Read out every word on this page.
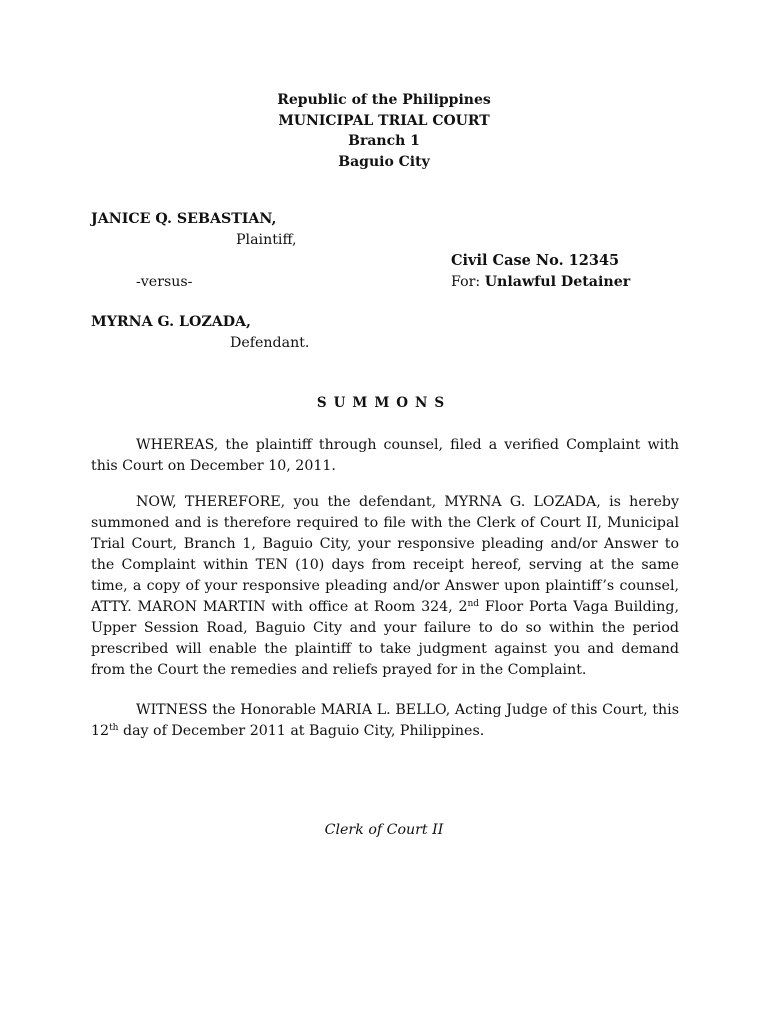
Republic of the Philippines
MUNICIPAL TRIAL COURT
Branch 1
Baguio City
JANICE Q. SEBASTIAN,
Plaintiff,
Civil Case No. 12345
-versus-	For: Unlawful Detainer
MYRNA G. LOZADA,
Defendant.
SUMMONS
WHEREAS, the plaintiff through counsel, filed a verified Complaint with this Court on December 10, 2011.
NOW, THEREFORE, you the defendant, MYRNA G. LOZADA, is hereby summoned and is therefore required to file with the Clerk of Court II, Municipal Trial Court, Branch 1, Baguio City, your responsive pleading and/or Answer to the Complaint within TEN (10) days from receipt hereof, serving at the same time, a copy of your responsive pleading and/or Answer upon plaintiff’s counsel, ATTY. MARON MARTIN with office at Room 324, 2nd Floor Porta Vaga Building, Upper Session Road, Baguio City and your failure to do so within the period prescribed will enable the plaintiff to take judgment against you and demand from the Court the remedies and reliefs prayed for in the Complaint.
WITNESS the Honorable MARIA L. BELLO, Acting Judge of this Court, this 12th day of December 2011 at Baguio City, Philippines.
Clerk of Court II
